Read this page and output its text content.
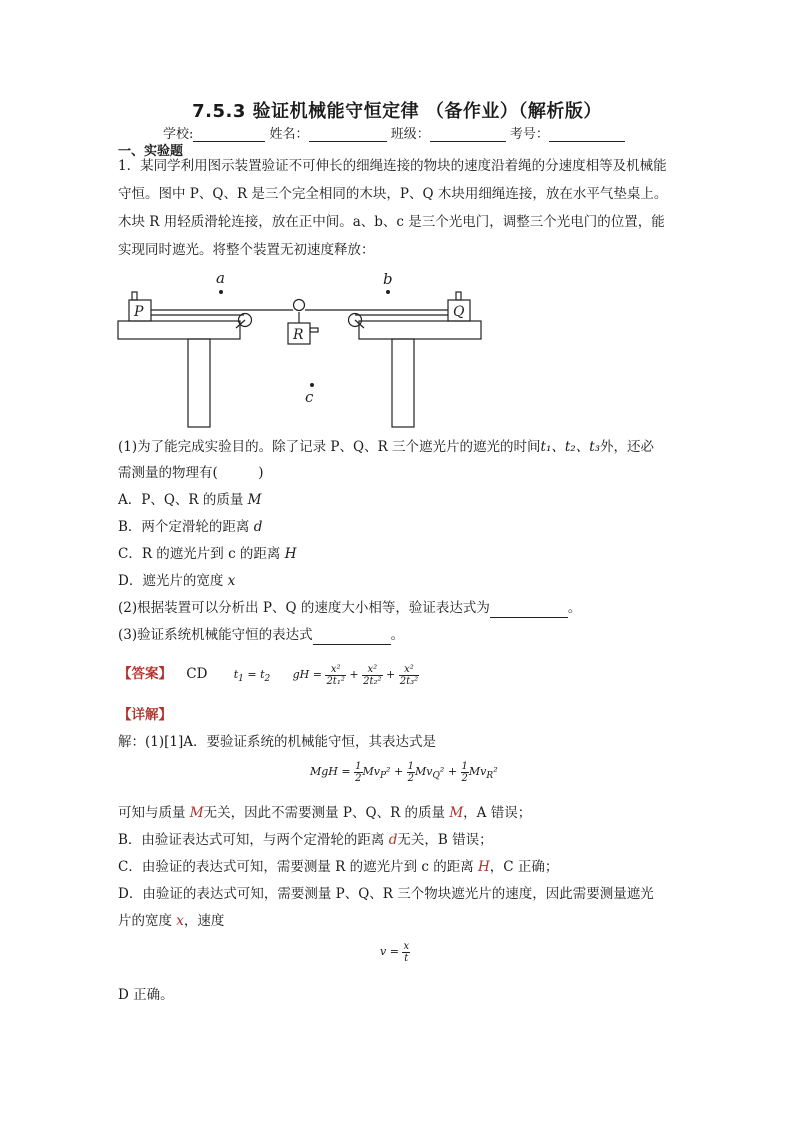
7.5.3 验证机械能守恒定律 （备作业）（解析版）
学校:	姓名：	班级：	考号：
一、实验题
1．某同学利用图示装置验证不可伸长的细绳连接的物块的速度沿着绳的分速度相等及机械能守恒。图中 P、Q、R 是三个完全相同的木块，P、Q 木块用细绳连接，放在水平气垫桌上。木块 R 用轻质滑轮连接，放在正中间。a、b、c 是三个光电门，调整三个光电门的位置，能实现同时遮光。将整个装置无初速度释放：
a	b
c
P	Q
R
(1)为了能完成实验目的。除了记录 P、Q、R 三个遮光片的遮光的时间t₁、t₂、t₃外，还必
需测量的物理有(　　　)
A．P、Q、R 的质量 M
B．两个定滑轮的距离 d
C．R 的遮光片到 c 的距离 H
D．遮光片的宽度 x
(2)根据装置可以分析出 P、Q 的速度大小相等，验证表达式为	。
(3)验证系统机械能守恒的表达式	。
【答案】 CD $t_1 = t_2$ gH = $\frac{\text{x²}}{\text{2t₁²}} + \frac{\text{x²}}{\text{2t₂²}} + \frac{\text{x²}}{\text{2t₃²}}$
【详解】
解：(1)[1]A．要验证系统的机械能守恒，其表达式是
MgH = $\frac{1}{2} Mv_P^2 + \frac{1}{2} Mv_Q^2 + \frac{1}{2} Mv_R^2$
可知与质量 M无关，因此不需要测量 P、Q、R 的质量 M，A 错误；
B．由验证表达式可知，与两个定滑轮的距离 d无关，B 错误；
C．由验证的表达式可知，需要测量 R 的遮光片到 c 的距离 H，C 正确；
D．由验证的表达式可知，需要测量 P、Q、R 三个物块遮光片的速度，因此需要测量遮光
片的宽度 x，速度
$v = \frac{x}{t}$
D 正确。
